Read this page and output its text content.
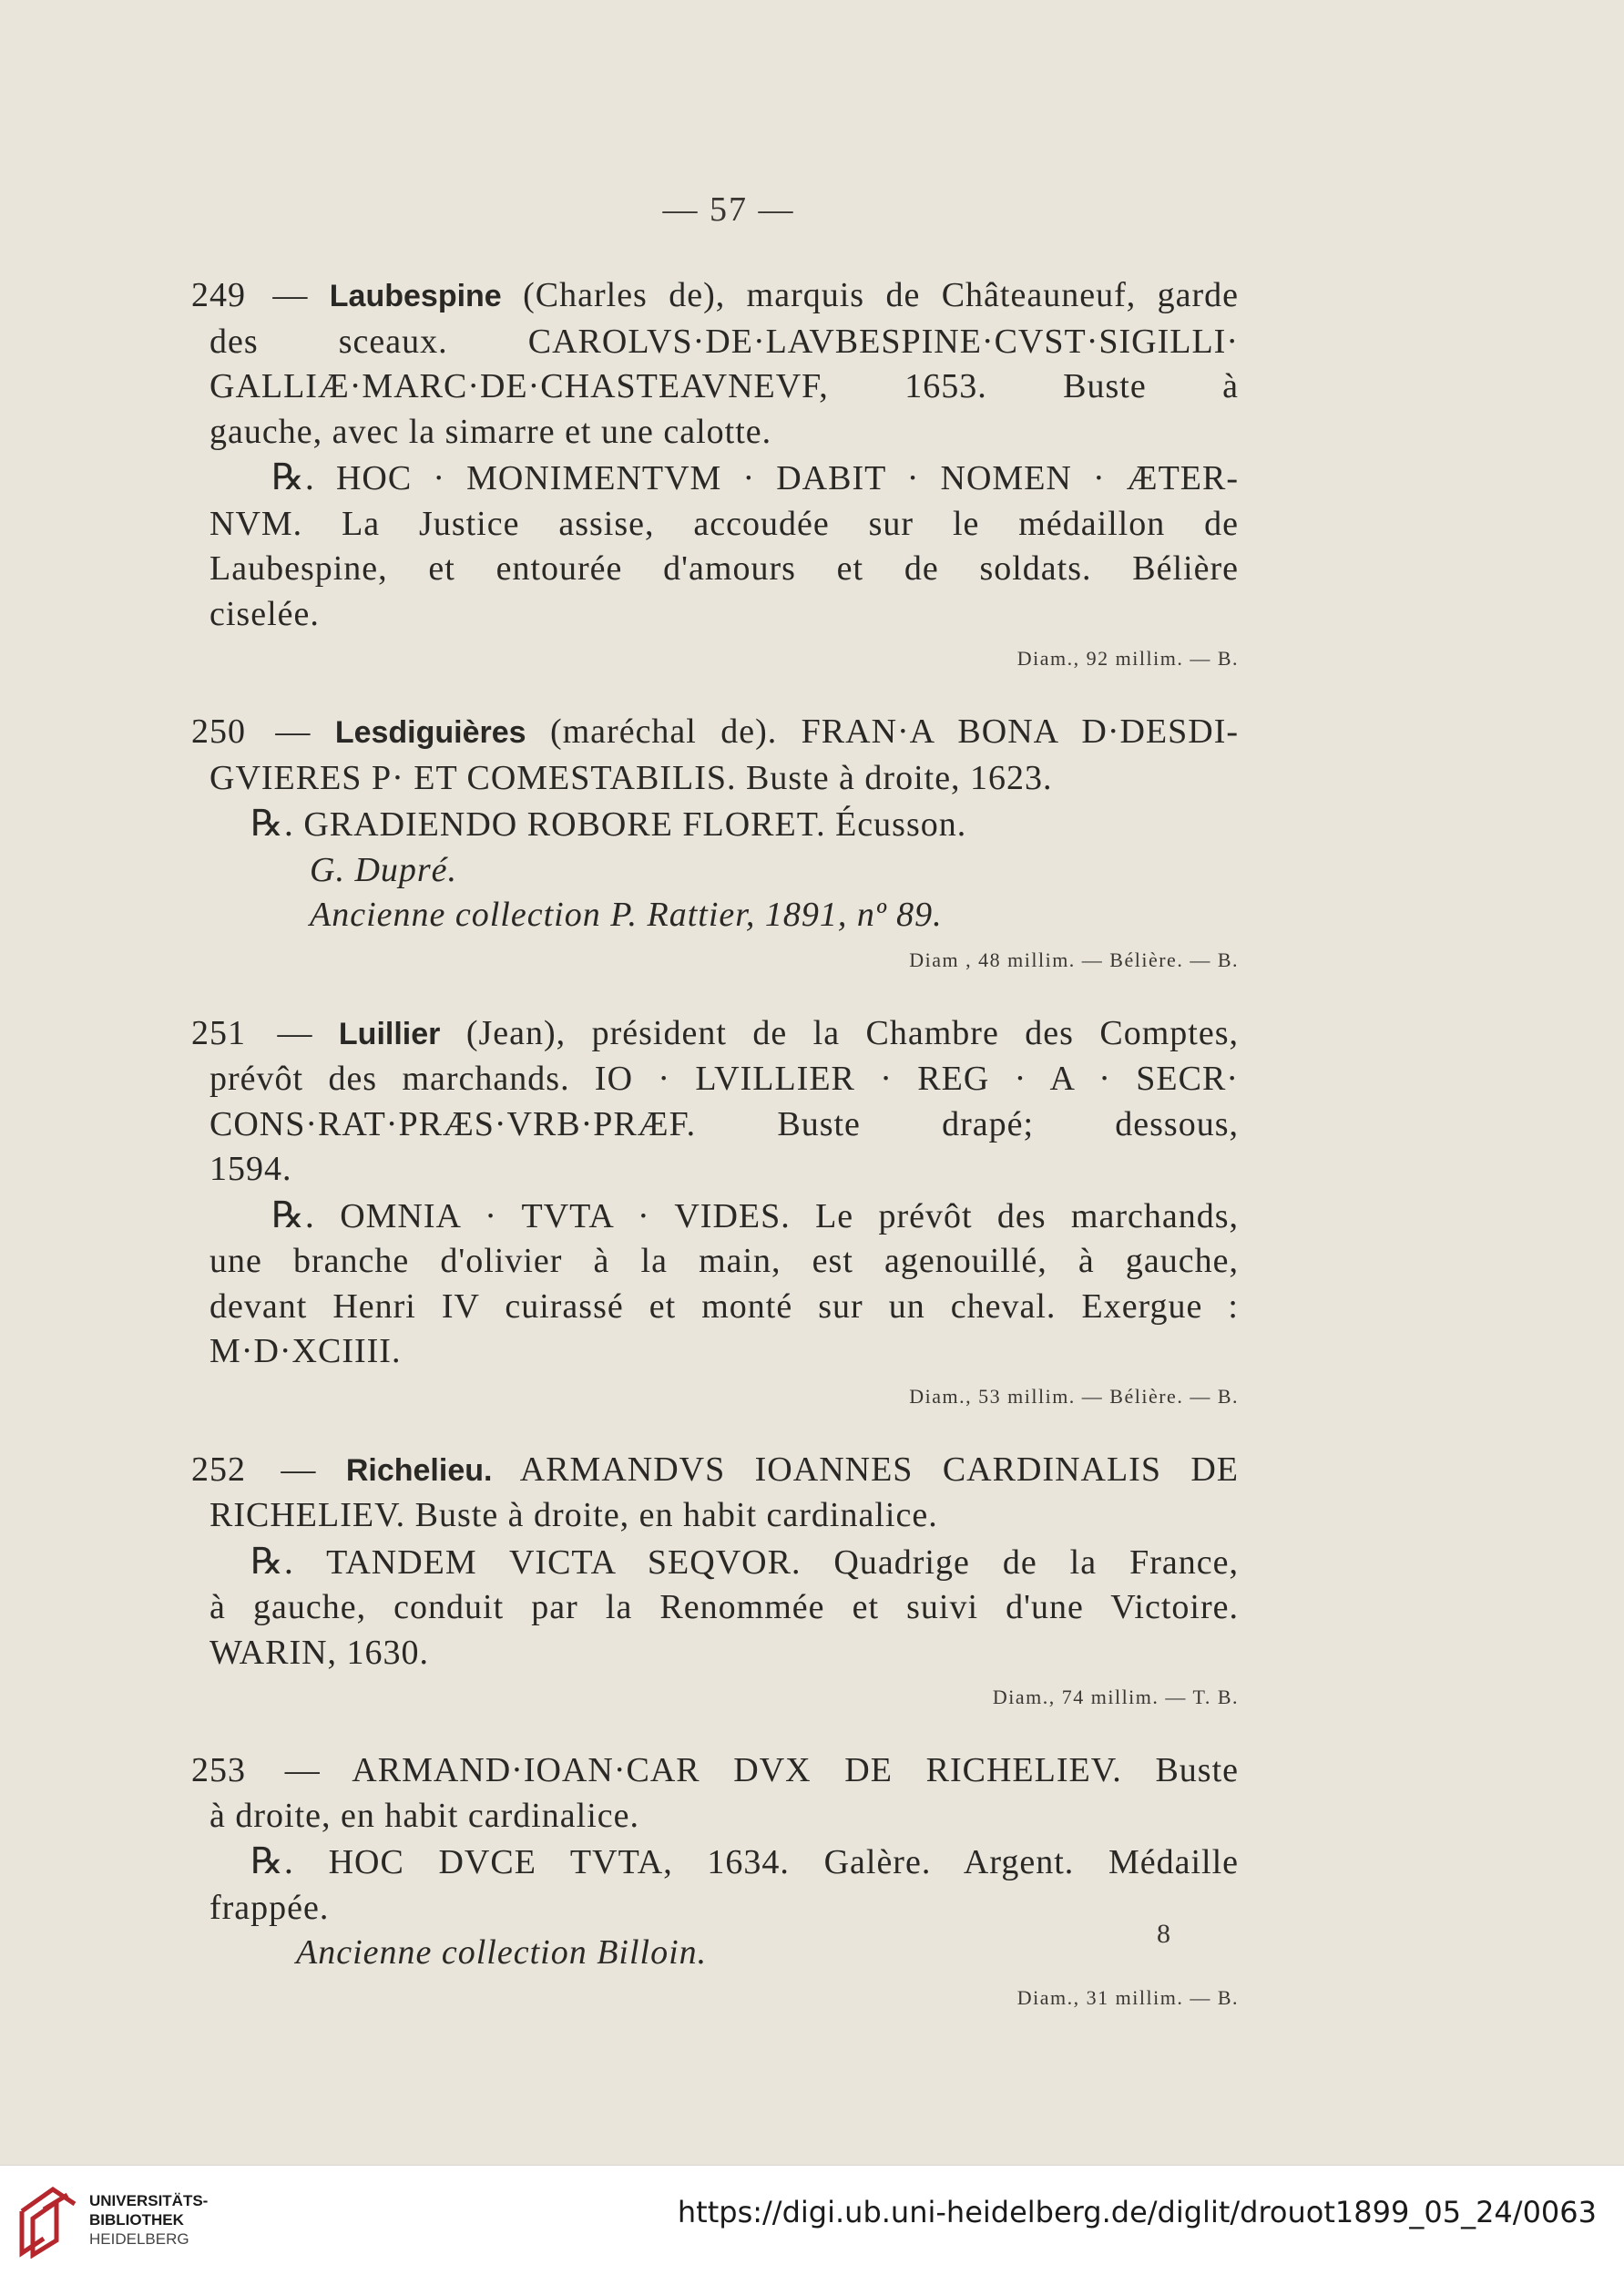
— 57 —
249 — Laubespine (Charles de), marquis de Châteauneuf, garde
des sceaux. CAROLVS·DE·LAVBESPINE·CVST·SIGILLI·
GALLIÆ·MARC·DE·CHASTEAVNEVF, 1653. Buste à
gauche, avec la simarre et une calotte.
℞. HOC · MONIMENTVM · DABIT · NOMEN · ÆTER-
NVM. La Justice assise, accoudée sur le médaillon de
Laubespine, et entourée d'amours et de soldats. Bélière
ciselée.
Diam., 92 millim. — B.
250 — Lesdiguières (maréchal de). FRAN·A BONA D·DESDI-
GVIERES P· ET COMESTABILIS. Buste à droite, 1623.
℞. GRADIENDO ROBORE FLORET. Écusson.
G. Dupré.
Ancienne collection P. Rattier, 1891, nº 89.
Diam , 48 millim. — Bélière. — B.
251 — Luillier (Jean), président de la Chambre des Comptes,
prévôt des marchands. IO · LVILLIER · REG · A · SECR·
CONS·RAT·PRÆS·VRB·PRÆF. Buste drapé; dessous,
1594.
℞. OMNIA · TVTA · VIDES. Le prévôt des marchands,
une branche d'olivier à la main, est agenouillé, à gauche,
devant Henri IV cuirassé et monté sur un cheval. Exergue :
M·D·XCIIII.
Diam., 53 millim. — Bélière. — B.
252 — Richelieu. ARMANDVS IOANNES CARDINALIS DE
RICHELIEV. Buste à droite, en habit cardinalice.
℞. TANDEM VICTA SEQVOR. Quadrige de la France,
à gauche, conduit par la Renommée et suivi d'une Victoire.
WARIN, 1630.
Diam., 74 millim. — T. B.
253 — ARMAND·IOAN·CAR DVX DE RICHELIEV. Buste
à droite, en habit cardinalice.
℞. HOC DVCE TVTA, 1634. Galère. Argent. Médaille
frappée.
Ancienne collection Billoin.
Diam., 31 millim. — B.
8
UNIVERSITÄTS-
BIBLIOTHEK
HEIDELBERG
https://digi.ub.uni-heidelberg.de/diglit/drouot1899_05_24/0063
